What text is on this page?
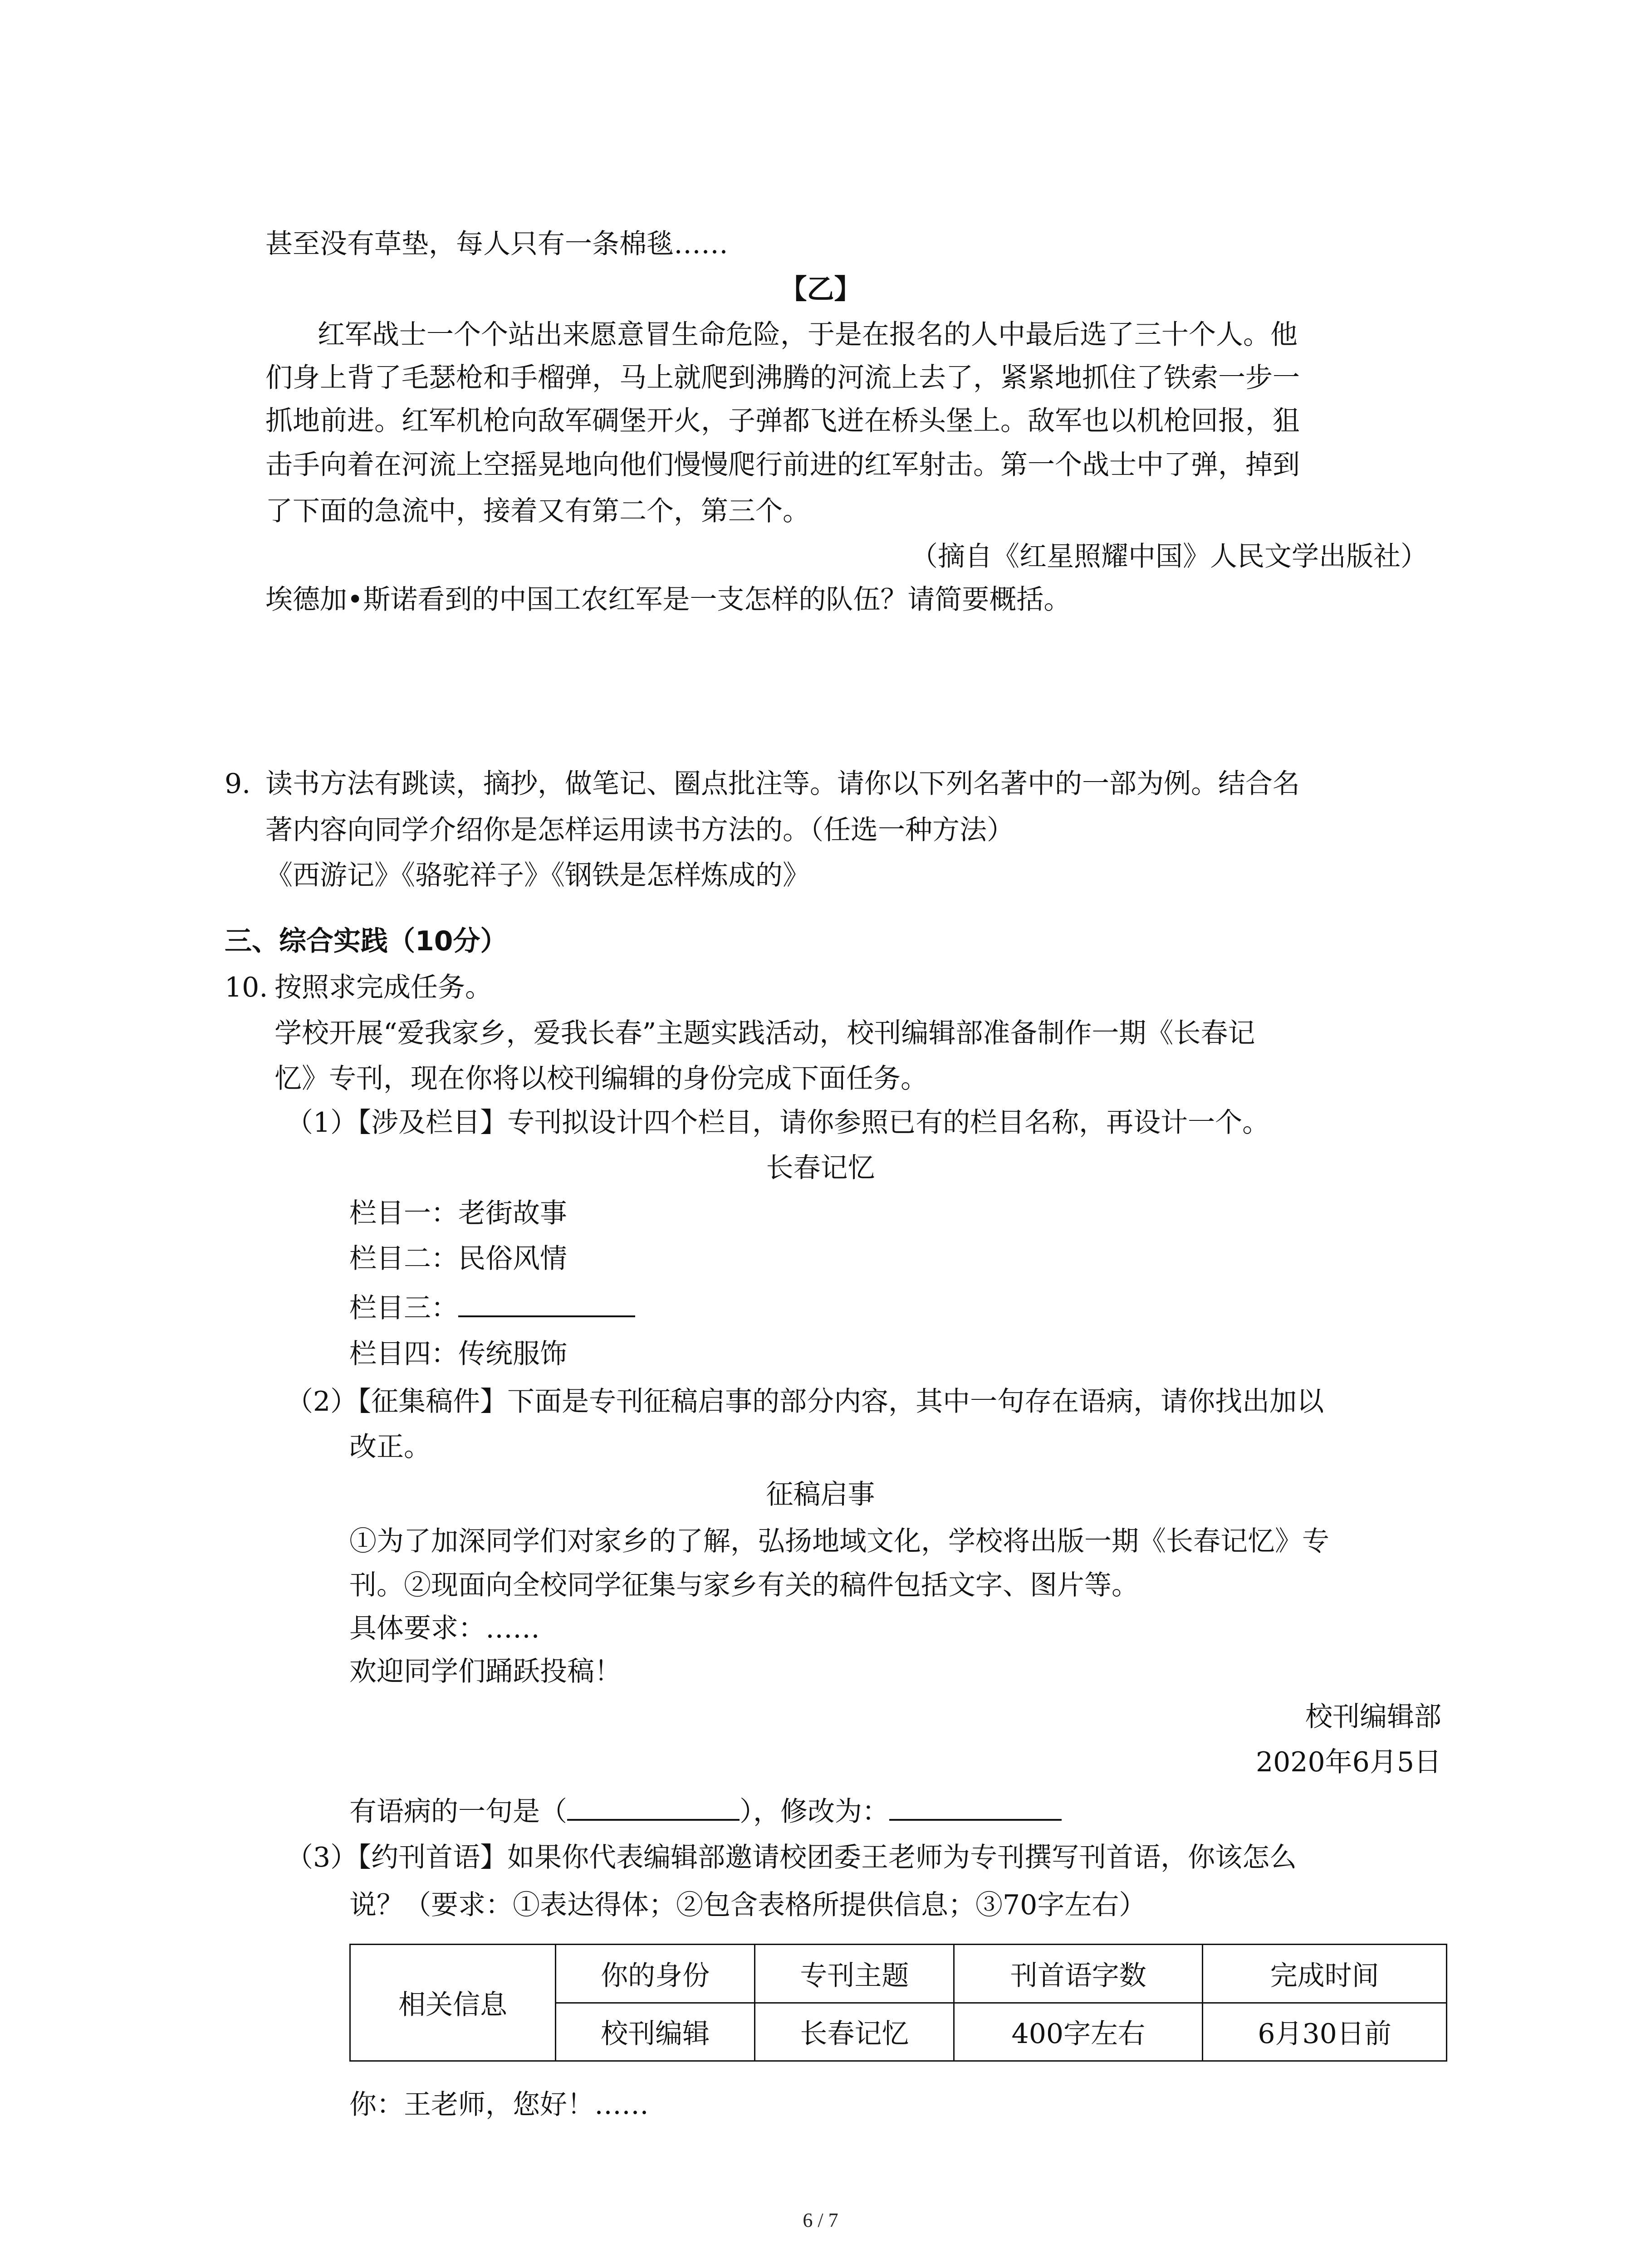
甚至没有草垫，每人只有一条棉毯……
【乙】
红军战士一个个站出来愿意冒生命危险，于是在报名的人中最后选了三十个人。他
们身上背了毛瑟枪和手榴弹，马上就爬到沸腾的河流上去了，紧紧地抓住了铁索一步一
抓地前进。红军机枪向敌军碉堡开火，子弹都飞迸在桥头堡上。敌军也以机枪回报，狙
击手向着在河流上空摇晃地向他们慢慢爬行前进的红军射击。第一个战士中了弹，掉到
了下面的急流中，接着又有第二个，第三个。
（摘自《红星照耀中国》人民文学出版社）
埃德加•斯诺看到的中国工农红军是一支怎样的队伍？请简要概括。
9. 读书方法有跳读，摘抄，做笔记、圈点批注等。请你以下列名著中的一部为例。结合名
著内容向同学介绍你是怎样运用读书方法的。（任选一种方法）
《西游记》《骆驼祥子》《钢铁是怎样炼成的》
三、综合实践（10分）
10. 按照求完成任务。
学校开展“爱我家乡，爱我长春”主题实践活动，校刊编辑部准备制作一期《长春记
忆》专刊，现在你将以校刊编辑的身份完成下面任务。
（1）【涉及栏目】专刊拟设计四个栏目，请你参照已有的栏目名称，再设计一个。
长春记忆
栏目一：老街故事
栏目二：民俗风情
栏目三：
栏目四：传统服饰
（2）【征集稿件】下面是专刊征稿启事的部分内容，其中一句存在语病，请你找出加以
改正。
征稿启事
①为了加深同学们对家乡的了解，弘扬地域文化，学校将出版一期《长春记忆》专
刊。②现面向全校同学征集与家乡有关的稿件包括文字、图片等。
具体要求：……
欢迎同学们踊跃投稿！
校刊编辑部
2020年6月5日
有语病的一句是（	），修改为：
（3）【约刊首语】如果你代表编辑部邀请校团委王老师为专刊撰写刊首语，你该怎么
说？（要求：①表达得体；②包含表格所提供信息；③70字左右）
相关信息	你的身份	专刊主题	刊首语字数	完成时间
	校刊编辑	长春记忆	400字左右	6月30日前
你：王老师，您好！……
6 / 7
